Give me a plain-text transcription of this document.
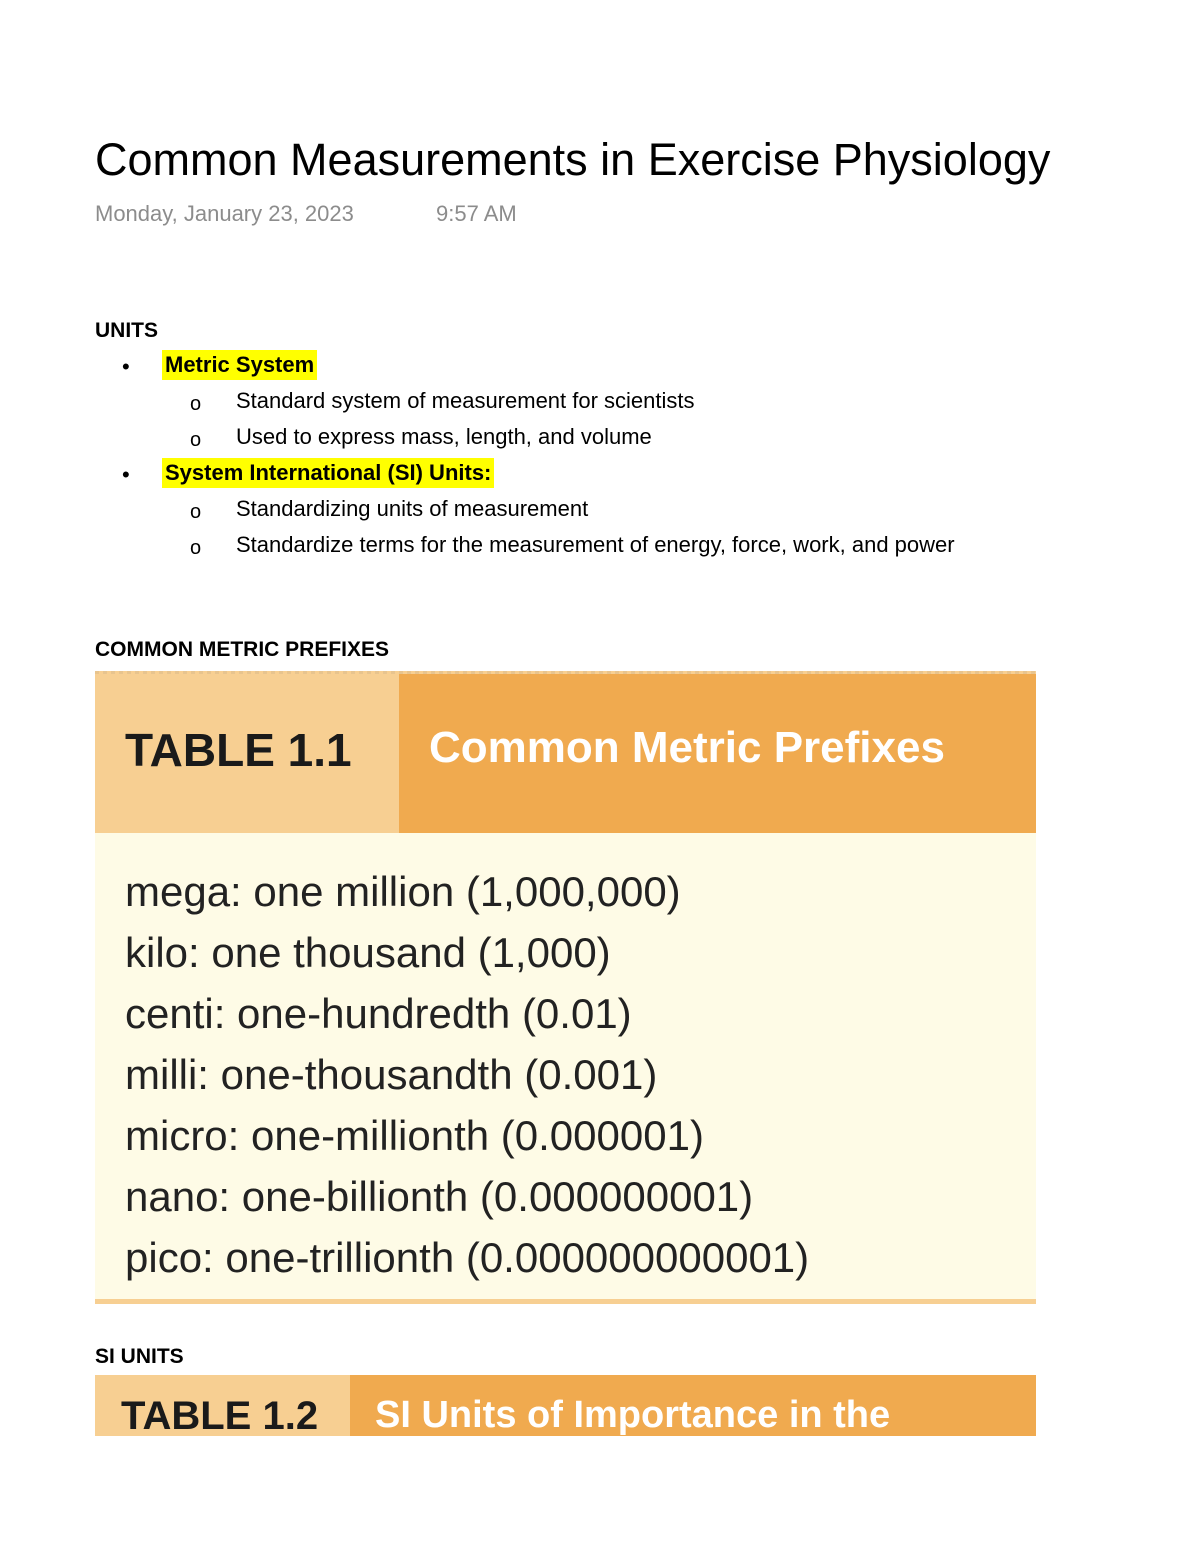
Common Measurements in Exercise Physiology
Monday, January 23, 2023	9:57 AM
UNITS
• Metric System
o Standard system of measurement for scientists
o Used to express mass, length, and volume
• System International (SI) Units:
o Standardizing units of measurement
o Standardize terms for the measurement of energy, force, work, and power
COMMON METRIC PREFIXES
TABLE 1.1 Common Metric Prefixes
mega: one million (1,000,000)
kilo: one thousand (1,000)
centi: one-hundredth (0.01)
milli: one-thousandth (0.001)
micro: one-millionth (0.000001)
nano: one-billionth (0.000000001)
pico: one-trillionth (0.000000000001)
SI UNITS
TABLE 1.2 SI Units of Importance in the
